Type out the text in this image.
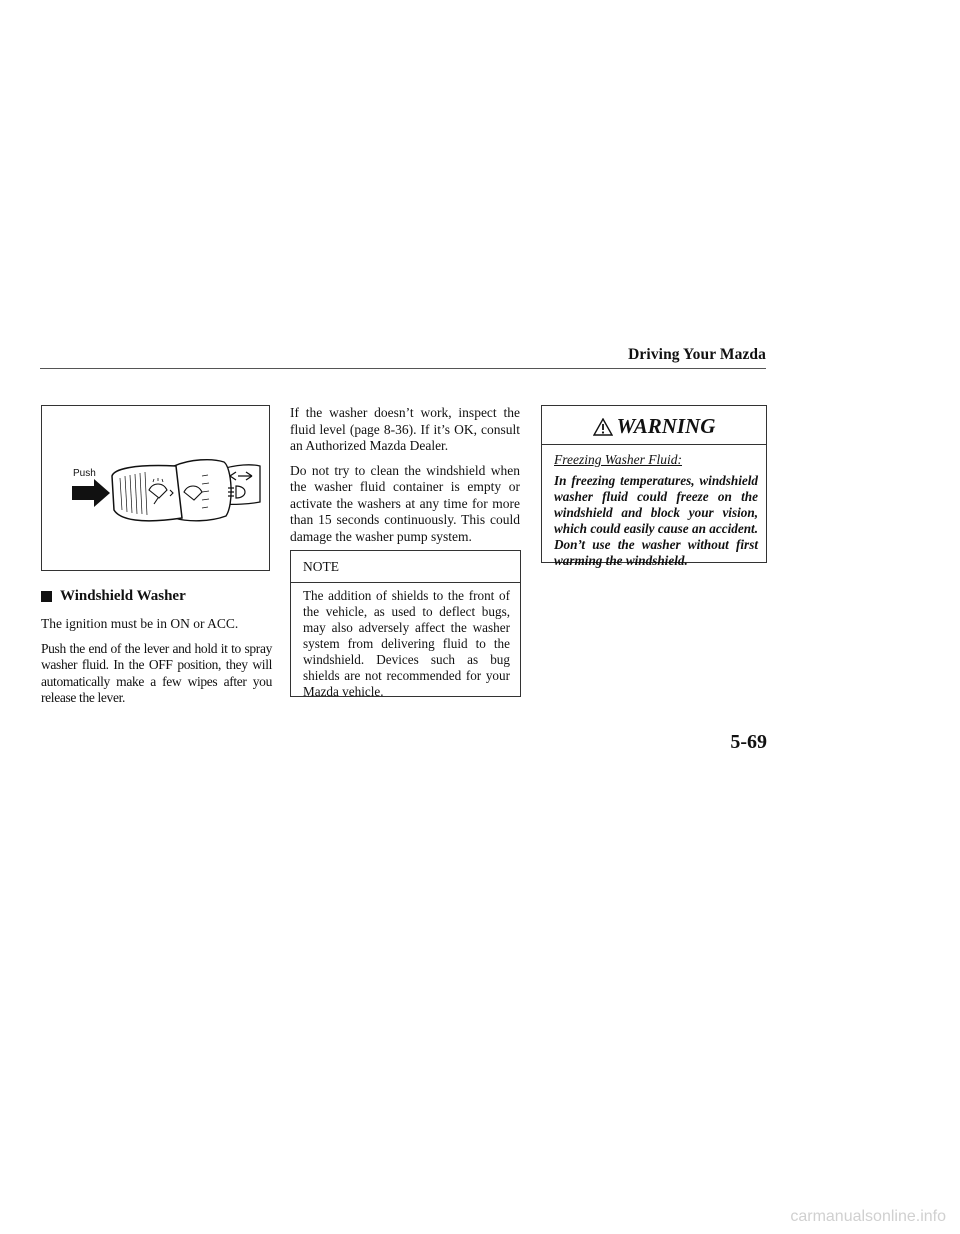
Driving Your Mazda
Push
Windshield Washer

The ignition must be in ON or ACC.

Push the end of the lever and hold it to spray washer fluid. In the OFF position, they will automatically make a few wipes after you release the lever.

If the washer doesn’t work, inspect the fluid level (page 8-36). If it’s OK, consult an Authorized Mazda Dealer.

Do not try to clean the windshield when the washer fluid container is empty or activate the washers at any time for more than 15 seconds continuously. This could damage the washer pump system.

NOTE
The addition of shields to the front of the vehicle, as used to deflect bugs, may also adversely affect the washer system from delivering fluid to the windshield. Devices such as bug shields are not recommended for your Mazda vehicle.
WARNING
Freezing Washer Fluid:
In freezing temperatures, windshield washer fluid could freeze on the windshield and block your vision, which could easily cause an accident. Don’t use the washer without first warming the windshield.
5-69
carmanualsonline.info
